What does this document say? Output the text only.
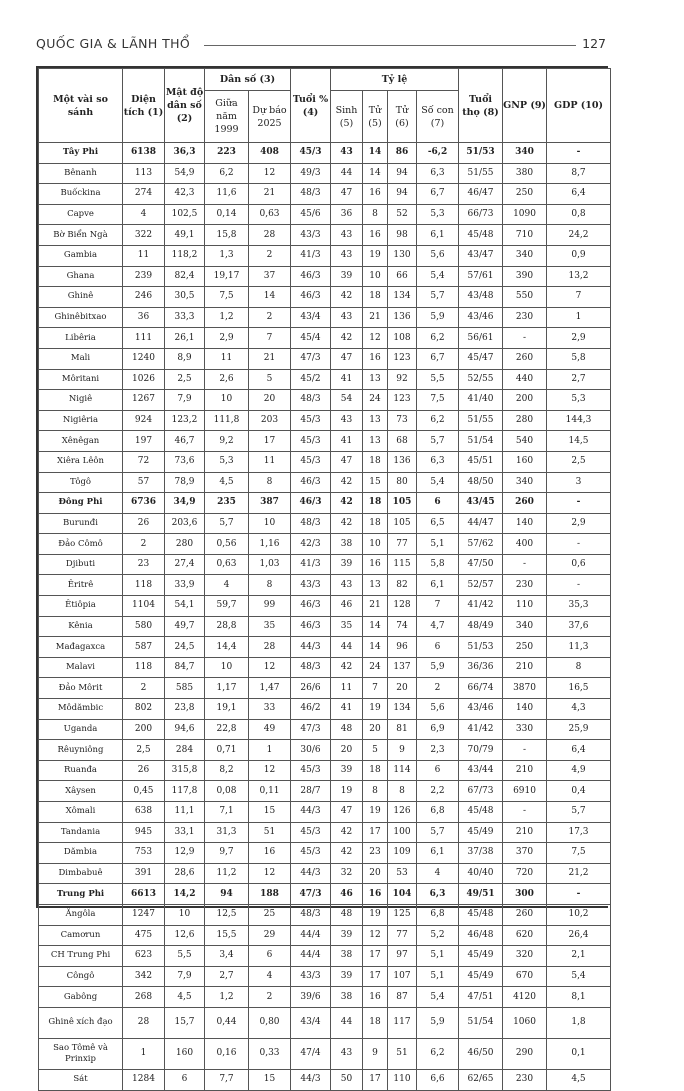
QUỐC GIA & LÃNH THỔ	127
Một vài so sánh	Diện tích (1)	Mật độ dân số (2)	Dân số (3)		Tuổi % (4)	Tỷ lệ				Tuổi thọ (8)	GNP (9)	GDP (10)
			Giữa năm 1999	Dự báo 2025		Sinh (5)	Tử (5)	Tử (6)	Số con (7)			
Tây Phi	6138	36,3	223	408	45/3	43	14	86	-6,2	51/53	340	-
Bênanh	113	54,9	6,2	12	49/3	44	14	94	6,3	51/55	380	8,7
Buốckina	274	42,3	11,6	21	48/3	47	16	94	6,7	46/47	250	6,4
Capve	4	102,5	0,14	0,63	45/6	36	8	52	5,3	66/73	1090	0,8
Bờ Biển Ngà	322	49,1	15,8	28	43/3	43	16	98	6,1	45/48	710	24,2
Gambia	11	118,2	1,3	2	41/3	43	19	130	5,6	43/47	340	0,9
Ghana	239	82,4	19,17	37	46/3	39	10	66	5,4	57/61	390	13,2
Ghinê	246	30,5	7,5	14	46/3	42	18	134	5,7	43/48	550	7
Ghinêbitxao	36	33,3	1,2	2	43/4	43	21	136	5,9	43/46	230	1
Libêria	111	26,1	2,9	7	45/4	42	12	108	6,2	56/61	-	2,9
Mali	1240	8,9	11	21	47/3	47	16	123	6,7	45/47	260	5,8
Môritani	1026	2,5	2,6	5	45/2	41	13	92	5,5	52/55	440	2,7
Nigiê	1267	7,9	10	20	48/3	54	24	123	7,5	41/40	200	5,3
Nigiêria	924	123,2	111,8	203	45/3	43	13	73	6,2	51/55	280	144,3
Xênêgan	197	46,7	9,2	17	45/3	41	13	68	5,7	51/54	540	14,5
Xiêra Lêôn	72	73,6	5,3	11	45/3	47	18	136	6,3	45/51	160	2,5
Tôgô	57	78,9	4,5	8	46/3	42	15	80	5,4	48/50	340	3
Đông Phi	6736	34,9	235	387	46/3	42	18	105	6	43/45	260	-
Burunđi	26	203,6	5,7	10	48/3	42	18	105	6,5	44/47	140	2,9
Đảo Cômô	2	280	0,56	1,16	42/3	38	10	77	5,1	57/62	400	-
Djibuti	23	27,4	0,63	1,03	41/3	39	16	115	5,8	47/50	-	0,6
Êritrê	118	33,9	4	8	43/3	43	13	82	6,1	52/57	230	-
Êtiôpia	1104	54,1	59,7	99	46/3	46	21	128	7	41/42	110	35,3
Kênia	580	49,7	28,8	35	46/3	35	14	74	4,7	48/49	340	37,6
Mađagaxca	587	24,5	14,4	28	44/3	44	14	96	6	51/53	250	11,3
Malavi	118	84,7	10	12	48/3	42	24	137	5,9	36/36	210	8
Đảo Môrit	2	585	1,17	1,47	26/6	11	7	20	2	66/74	3870	16,5
Môdămbic	802	23,8	19,1	33	46/2	41	19	134	5,6	43/46	140	4,3
Uganda	200	94,6	22,8	49	47/3	48	20	81	6,9	41/42	330	25,9
Rêuyniông	2,5	284	0,71	1	30/6	20	5	9	2,3	70/79	-	6,4
Ruanđa	26	315,8	8,2	12	45/3	39	18	114	6	43/44	210	4,9
Xâysen	0,45	117,8	0,08	0,11	28/7	19	8	8	2,2	67/73	6910	0,4
Xômali	638	11,1	7,1	15	44/3	47	19	126	6,8	45/48	-	5,7
Tandania	945	33,1	31,3	51	45/3	42	17	100	5,7	45/49	210	17,3
Dămbia	753	12,9	9,7	16	45/3	42	23	109	6,1	37/38	370	7,5
Dimbabuê	391	28,6	11,2	12	44/3	32	20	53	4	40/40	720	21,2
Trung Phi	6613	14,2	94	188	47/3	46	16	104	6,3	49/51	300	-
Ăngôla	1247	10	12,5	25	48/3	48	19	125	6,8	45/48	260	10,2
Camơrun	475	12,6	15,5	29	44/4	39	12	77	5,2	46/48	620	26,4
CH Trung Phi	623	5,5	3,4	6	44/4	38	17	97	5,1	45/49	320	2,1
Côngô	342	7,9	2,7	4	43/3	39	17	107	5,1	45/49	670	5,4
Gabông	268	4,5	1,2	2	39/6	38	16	87	5,4	47/51	4120	8,1
Ghinê xích đạo	28	15,7	0,44	0,80	43/4	44	18	117	5,9	51/54	1060	1,8
Sao Tômê và Prinxip	1	160	0,16	0,33	47/4	43	9	51	6,2	46/50	290	0,1
Sát	1284	6	7,7	15	44/3	50	17	110	6,6	62/65	230	4,5
